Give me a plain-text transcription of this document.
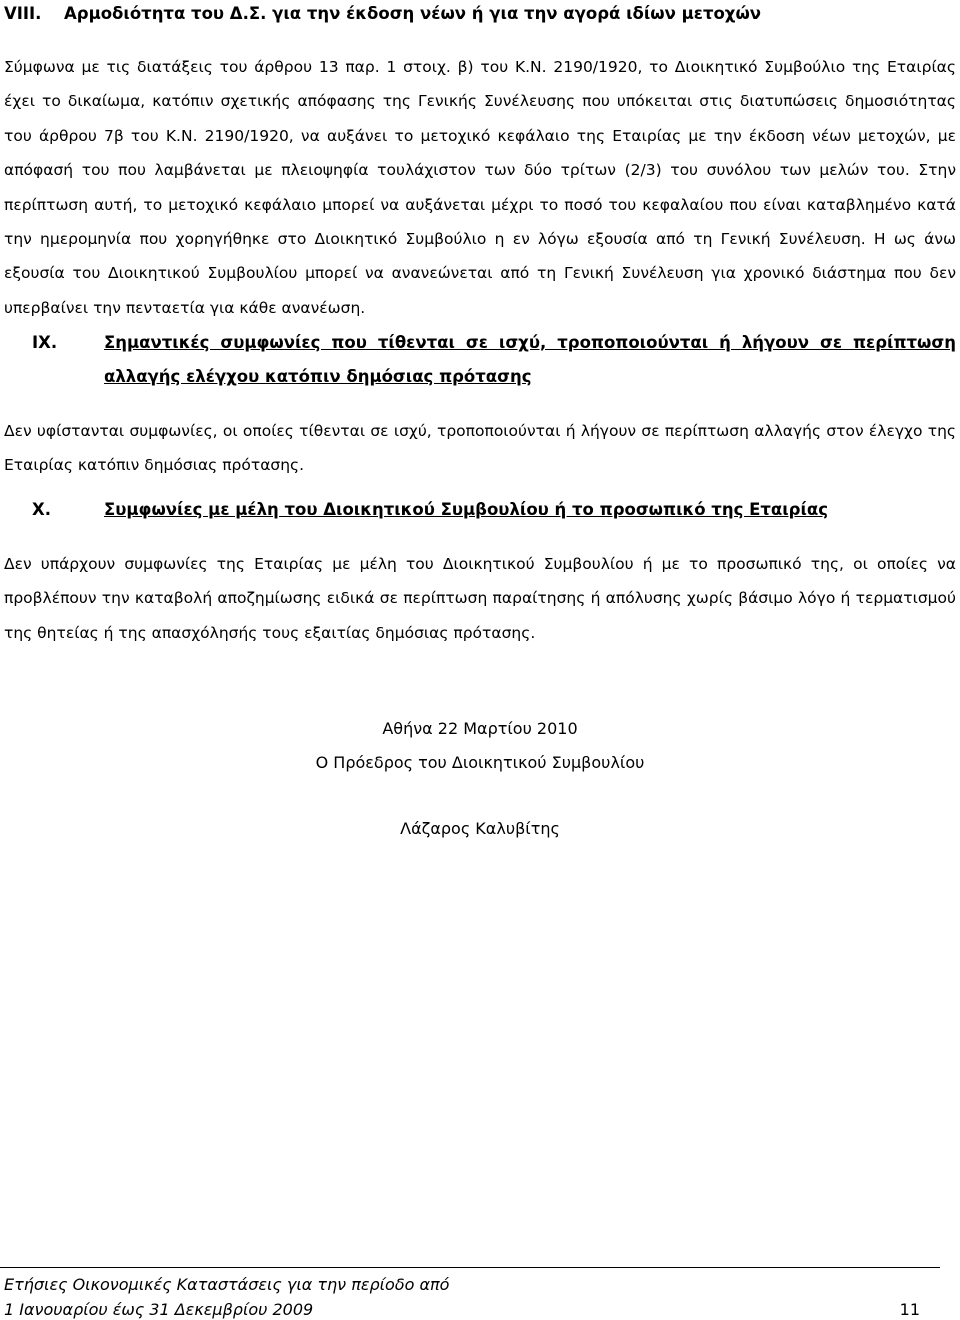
VIII. Αρμοδιότητα του Δ.Σ. για την έκδοση νέων ή για την αγορά ιδίων μετοχών
Σύμφωνα με τις διατάξεις του άρθρου 13 παρ. 1 στοιχ. β) του Κ.Ν. 2190/1920, το Διοικητικό Συμβούλιο της Εταιρίας έχει το δικαίωμα, κατόπιν σχετικής απόφασης της Γενικής Συνέλευσης που υπόκειται στις διατυπώσεις δημοσιότητας του άρθρου 7β του Κ.Ν. 2190/1920, να αυξάνει το μετοχικό κεφάλαιο της Εταιρίας με την έκδοση νέων μετοχών, με απόφασή του που λαμβάνεται με πλειοψηφία τουλάχιστον των δύο τρίτων (2/3) του συνόλου των μελών του. Στην περίπτωση αυτή, το μετοχικό κεφάλαιο μπορεί να αυξάνεται μέχρι το ποσό του κεφαλαίου που είναι καταβλημένο κατά την ημερομηνία που χορηγήθηκε στο Διοικητικό Συμβούλιο η εν λόγω εξουσία από τη Γενική Συνέλευση. Η ως άνω εξουσία του Διοικητικού Συμβουλίου μπορεί να ανανεώνεται από τη Γενική Συνέλευση για χρονικό διάστημα που δεν υπερβαίνει την πενταετία για κάθε ανανέωση.
IX.	Σημαντικές συμφωνίες που τίθενται σε ισχύ, τροποποιούνται ή λήγουν σε περίπτωση αλλαγής ελέγχου κατόπιν δημόσιας πρότασης
Δεν υφίστανται συμφωνίες, οι οποίες τίθενται σε ισχύ, τροποποιούνται ή λήγουν σε περίπτωση αλλαγής στον έλεγχο της Εταιρίας κατόπιν δημόσιας πρότασης.
X.	Συμφωνίες με μέλη του Διοικητικού Συμβουλίου ή το προσωπικό της Εταιρίας
Δεν υπάρχουν συμφωνίες της Εταιρίας με μέλη του Διοικητικού Συμβουλίου ή με το προσωπικό της, οι οποίες να προβλέπουν την καταβολή αποζημίωσης ειδικά σε περίπτωση παραίτησης ή απόλυσης χωρίς βάσιμο λόγο ή τερματισμού της θητείας ή της απασχόλησής τους εξαιτίας δημόσιας πρότασης.
Αθήνα 22 Μαρτίου 2010
Ο Πρόεδρος του Διοικητικού Συμβουλίου
Λάζαρος Καλυβίτης
Ετήσιες Οικονομικές Καταστάσεις για την περίοδο από
1 Ιανουαρίου έως 31 Δεκεμβρίου 2009	11
